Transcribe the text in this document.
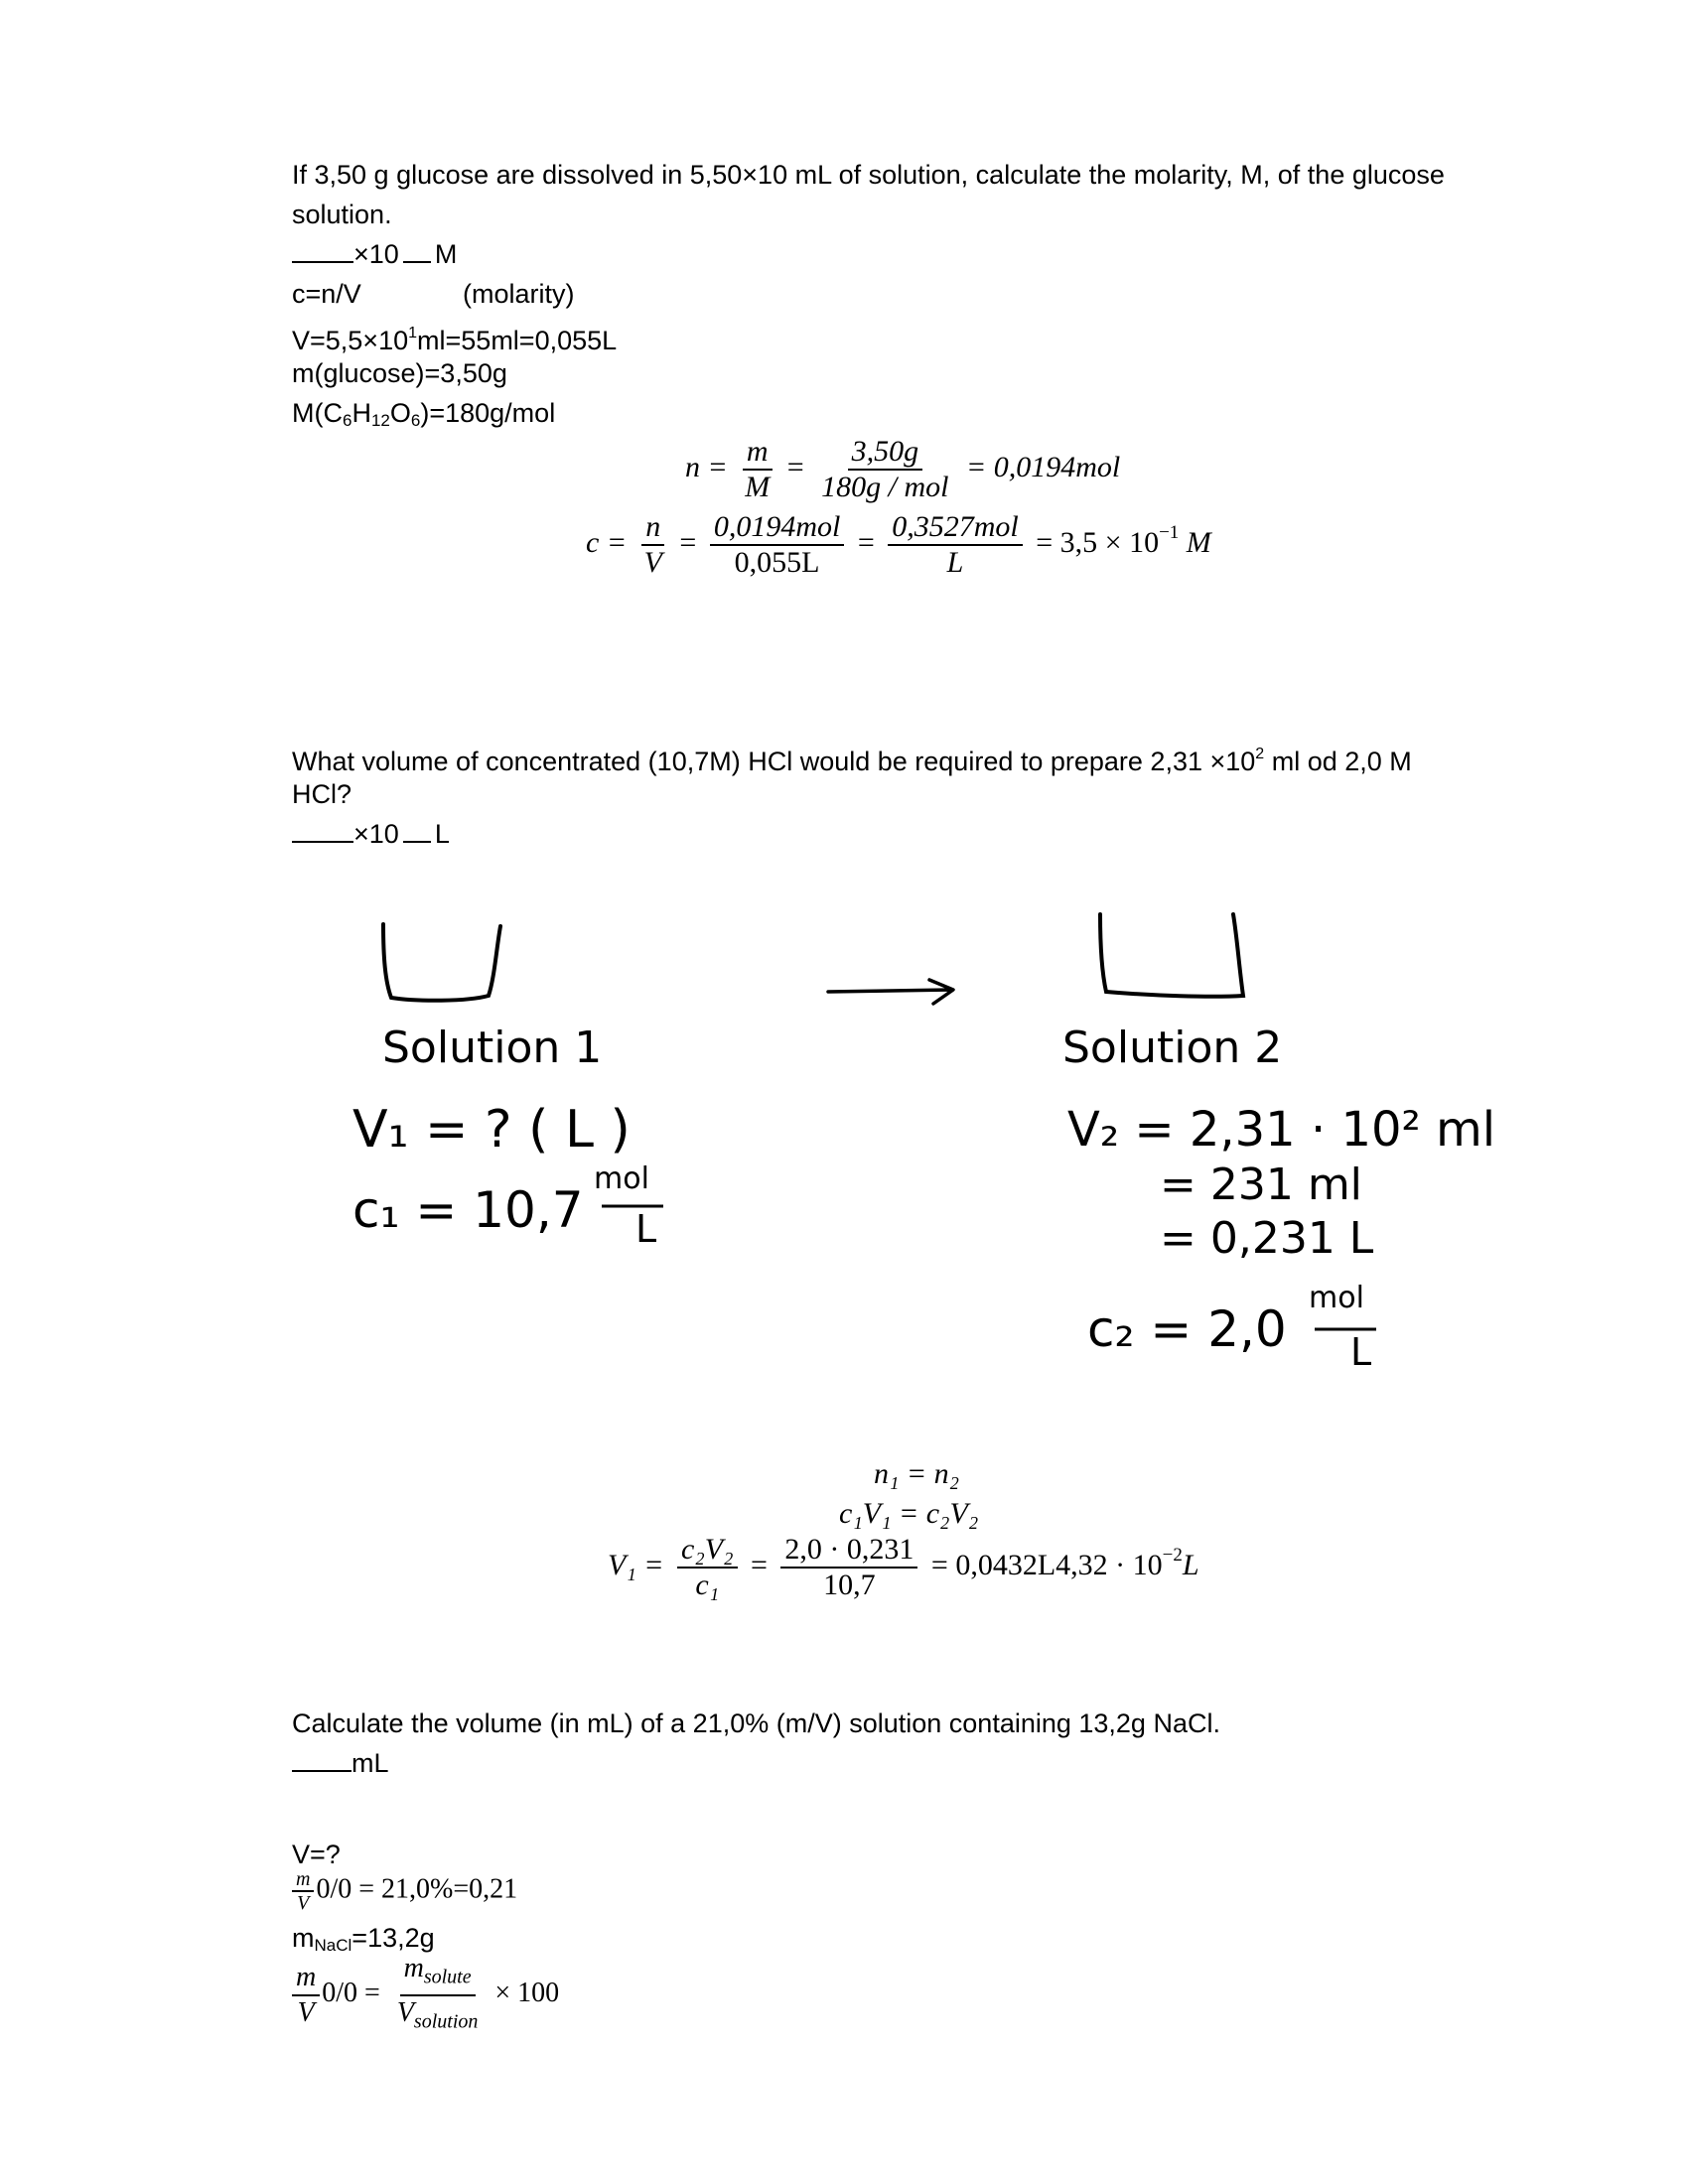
If 3,50 g glucose are dissolved in 5,50×10 mL of solution, calculate the molarity, M, of the glucose
solution.
×10 M
c=n/V	(molarity)
$V=5,5\times 10^1ml=55ml=0,055L$
m(glucose)=3,50g
$M(C_6H_{12}O_6)=180g$/mol
$n = \frac{m}{M} = \frac{3,50g}{\text{180g / mol}} = 0,0194mol$
$c = \frac{n}{V} = \frac{\text{0,0194mol}}{0,055L} = \frac{\text{0,3527mol}}{L} = 3,5 \times 10^{-1}$ M
What volume of concentrated (10,7M) HCl would be required to prepare $2,31 \times 10^2$ ml od 2,0 M
HCl?
×10 L
Solution 1
V₁ = ? ( L )
c₁ = 10,7
mol
L
Solution 2
V₂ = 2,31 · 10² ml
= 231 ml
= 0,231 L
c₂ = 2,0
mol
L
n₁ = n₂
c₁V₁ = c₂V₂
$V_1 = \frac{\text{c₂V₂}}{\text{c₁}} = \frac{2,0 \cdot 0,231}{10,7} = 0,0432L4,32 \cdot 10^{-2}L$
Calculate the volume (in mL) of a 21,0% (m/V) solution containing 13,2g NaCl.
mL
V=?
$\frac{m}{V} 0/0 = 21,0\%=0,21$
$m_{NaCl}=13,2g$
$\frac{m}{V} 0/0 = \frac{m_{solute}}{V_{solution}} \times 100$
